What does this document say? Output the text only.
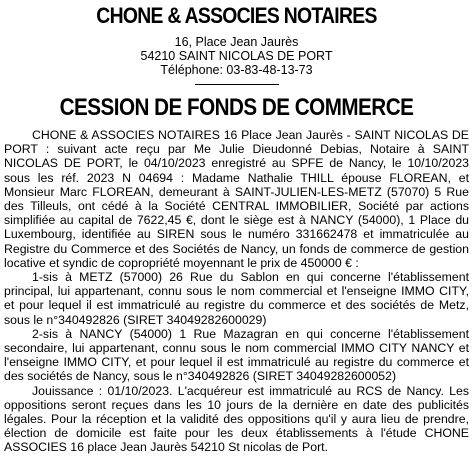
CHONE & ASSOCIES NOTAIRES
16, Place Jean Jaurès
54210 SAINT NICOLAS DE PORT
Téléphone: 03-83-48-13-73
CESSION DE FONDS DE COMMERCE

CHONE & ASSOCIES NOTAIRES 16 Place Jean Jaurès - SAINT NICOLAS DE PORT : suivant acte reçu par Me Julie Dieudonné Debias, Notaire à SAINT NICOLAS DE PORT, le 04/10/2023 enregistré au SPFE de Nancy, le 10/10/2023 sous les réf. 2023 N 04694 : Madame Nathalie THILL épouse FLOREAN, et Monsieur Marc FLOREAN, demeurant à SAINT-JULIEN-LES-METZ (57070) 5 Rue des Tilleuls, ont cédé à la Société CENTRAL IMMOBILIER, Société par actions simplifiée au capital de 7622,45 €, dont le siège est à NANCY (54000), 1 Place du Luxembourg, identifiée au SIREN sous le numéro 331662478 et immatriculée au Registre du Commerce et des Sociétés de Nancy, un fonds de commerce de gestion locative et syndic de copropriété moyennant le prix de 450000 € :

1-sis à METZ (57000) 26 Rue du Sablon en qui concerne l'établissement principal, lui appartenant, connu sous le nom commercial et l'enseigne IMMO CITY, et pour lequel il est immatriculé au registre du commerce et des sociétés de Metz, sous le n°340492826 (SIRET 34049282600029)

2-sis à NANCY (54000) 1 Rue Mazagran en qui concerne l'établissement secondaire, lui appartenant, connu sous le nom commercial IMMO CITY NANCY et l'enseigne IMMO CITY, et pour lequel il est immatriculé au registre du commerce et des sociétés de Nancy, sous le n°340492826 (SIRET 34049282600052)

Jouissance : 01/10/2023. L'acquéreur est immatriculé au RCS de Nancy. Les oppositions seront reçues dans les 10 jours de la dernière en date des publicités légales. Pour la réception et la validité des oppositions qu'il y aura lieu de prendre, élection de domicile est faite pour les deux établissements à l'étude CHONE ASSOCIES 16 place Jean Jaurès 54210 St nicolas de Port.
